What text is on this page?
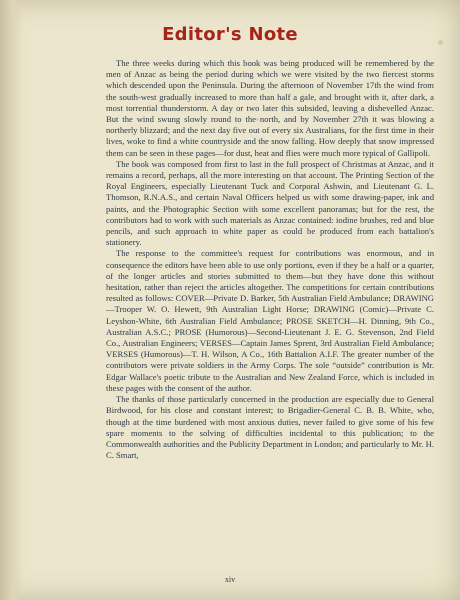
Editor's Note

The three weeks during which this book was being produced will be remembered by the men of Anzac as being the period during which we were visited by the two fiercest storms which descended upon the Peninsula. During the afternoon of November 17th the wind from the south-west gradually increased to more than half a gale, and brought with it, after dark, a most torrential thunderstorm. A day or two later this subsided, leaving a dishevelled Anzac. But the wind swung slowly round to the north, and by November 27th it was blowing a northerly blizzard; and the next day five out of every six Australians, for the first time in their lives, woke to find a white countryside and the snow falling. How deeply that snow impressed them can be seen in these pages—for dust, heat and flies were much more typical of Gallipoli.

The book was composed from first to last in the full prospect of Christmas at Anzac, and it remains a record, perhaps, all the more interesting on that account. The Printing Section of the Royal Engineers, especially Lieutenant Tuck and Corporal Ashwin, and Lieutenant G. L. Thomson, R.N.A.S., and certain Naval Officers helped us with some drawing-paper, ink and paints, and the Photographic Section with some excellent panoramas; but for the rest, the contributors had to work with such materials as Anzac contained: iodine brushes, red and blue pencils, and such approach to white paper as could be produced from each battalion's stationery.

The response to the committee's request for contributions was enormous, and in consequence the editors have been able to use only portions, even if they be a half or a quarter, of the longer articles and stories submitted to them—but they have done this without hesitation, rather than reject the articles altogether. The competitions for certain contributions resulted as follows: COVER—Private D. Barker, 5th Australian Field Ambulance; DRAWING—Trooper W. O. Hewett, 9th Australian Light Horse; DRAWING (Comic)—Private C. Leyshon-White, 6th Australian Field Ambulance; PROSE SKETCH—H. Dinning, 9th Co., Australian A.S.C.; PROSE (Humorous)—Second-Lieutenant J. E. G. Stevenson, 2nd Field Co., Australian Engineers; VERSES—Captain James Sprent, 3rd Australian Field Ambulance; VERSES (Humorous)—T. H. Wilson, A Co., 16th Battalion A.I.F. The greater number of the contributors were private soldiers in the Army Corps. The sole “outside” contribution is Mr. Edgar Wallace's poetic tribute to the Australian and New Zealand Force, which is included in these pages with the consent of the author.

The thanks of those particularly concerned in the production are especially due to General Birdwood, for his close and constant interest; to Brigadier-General C. B. B. White, who, though at the time burdened with most anxious duties, never failed to give some of his few spare moments to the solving of difficulties incidental to this publication; to the Commonwealth authorities and the Publicity Department in London; and particularly to Mr. H. C. Smart,

xiv
